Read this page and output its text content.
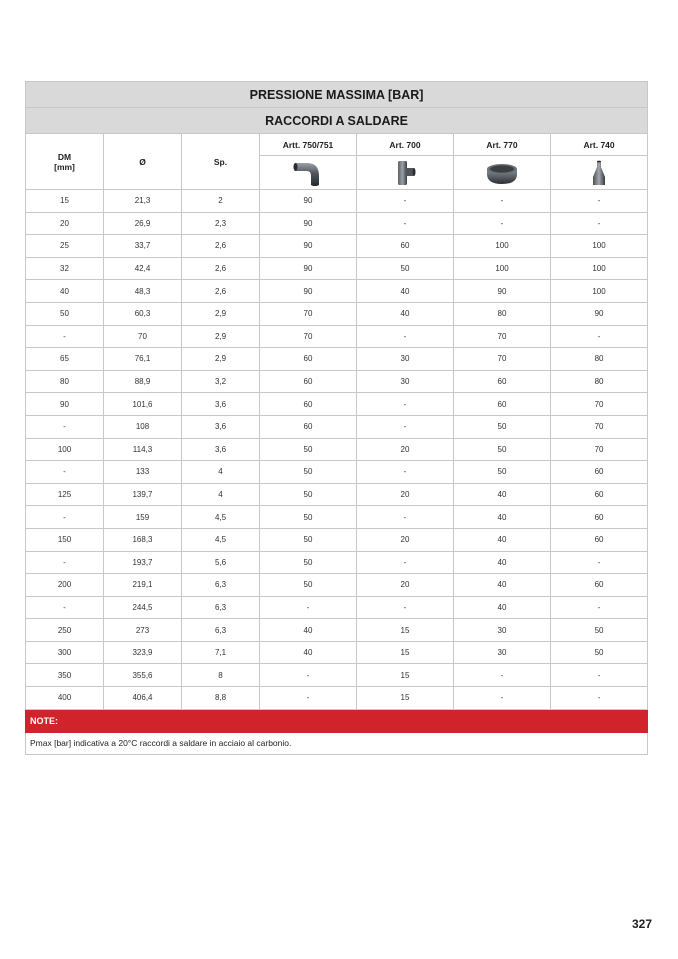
PRESSIONE MASSIMA [BAR]						
RACCORDI A SALDARE						
DM
[mm]	Ø	Sp.	Artt. 750/751	Art. 700	Art. 770	Art. 740

15	21,3	2	90	-	-	-
20	26,9	2,3	90	-	-	-
25	33,7	2,6	90	60	100	100
32	42,4	2,6	90	50	100	100
40	48,3	2,6	90	40	90	100
50	60,3	2,9	70	40	80	90
-	70	2,9	70	-	70	-
65	76,1	2,9	60	30	70	80
80	88,9	3,2	60	30	60	80
90	101,6	3,6	60	-	60	70
-	108	3,6	60	-	50	70
100	114,3	3,6	50	20	50	70
-	133	4	50	-	50	60
125	139,7	4	50	20	40	60
-	159	4,5	50	-	40	60
150	168,3	4,5	50	20	40	60
-	193,7	5,6	50	-	40	-
200	219,1	6,3	50	20	40	60
-	244,5	6,3	-	-	40	-
250	273	6,3	40	15	30	50
300	323,9	7,1	40	15	30	50
350	355,6	8	-	15	-	-
400	406,4	8,8	-	15	-	-
NOTE:						
Pmax [bar] indicativa a 20°C raccordi a saldare in acciaio al carbonio.						
327
